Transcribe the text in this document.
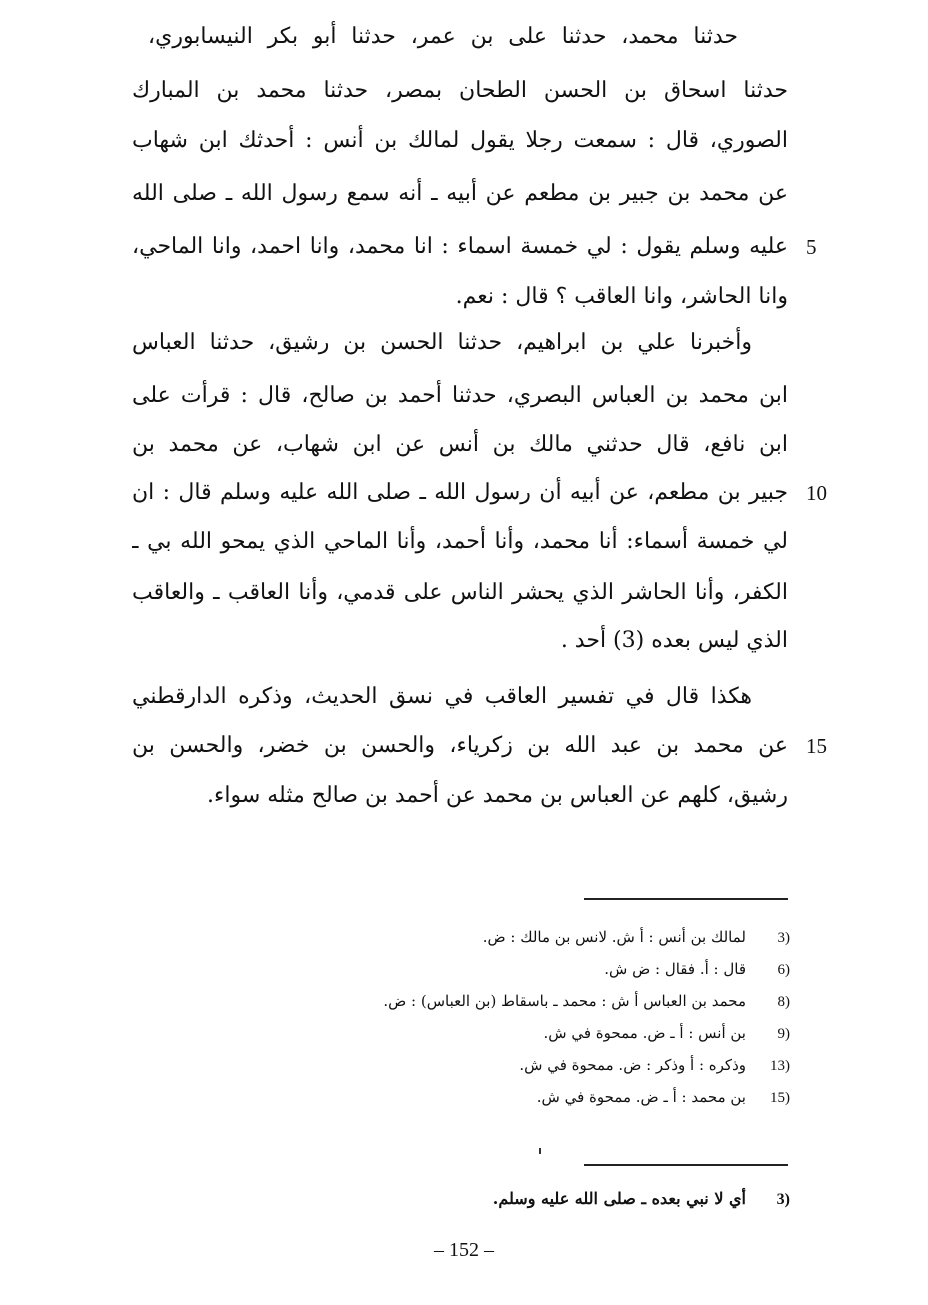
حدثنا محمد، حدثنا على بن عمر، حدثنا أبو بكر النيسابوري،
حدثنا اسحاق بن الحسن الطحان بمصر، حدثنا محمد بن المبارك
الصوري، قال : سمعت رجلا يقول لمالك بن أنس : أحدثك ابن شهاب
عن محمد بن جبير بن مطعم عن أبيه ـ أنه سمع رسول الله ـ صلى الله
عليه وسلم يقول : لي خمسة اسماء : انا محمد، وانا احمد، وانا الماحي، 5
وانا الحاشر، وانا العاقب ؟ قال : نعم.
وأخبرنا علي بن ابراهيم، حدثنا الحسن بن رشيق، حدثنا العباس
ابن محمد بن العباس البصري، حدثنا أحمد بن صالح، قال : قرأت على
ابن نافع، قال حدثني مالك بن أنس عن ابن شهاب، عن محمد بن
جبير بن مطعم، عن أبيه أن رسول الله ـ صلى الله عليه وسلم قال : ان 10
لي خمسة أسماء: أنا محمد، وأنا أحمد، وأنا الماحي الذي يمحو الله بي ـ
الكفر، وأنا الحاشر الذي يحشر الناس على قدمي، وأنا العاقب ـ والعاقب
الذي ليس بعده (3) أحد .
هكذا قال في تفسير العاقب في نسق الحديث، وذكره الدارقطني
عن محمد بن عبد الله بن زكرياء، والحسن بن خضر، والحسن بن 15
رشيق، كلهم عن العباس بن محمد عن أحمد بن صالح مثله سواء.
3)لمالك بن أنس : أ ش. لانس بن مالك : ض.
6)قال : أ. فقال : ض ش.
8)محمد بن العباس أ ش : محمد ـ باسقاط (بن العباس) : ض.
9)بن أنس : أ ـ ض. ممحوة في ش.
13)وذكره : أ وذكر : ض. ممحوة في ش.
15)بن محمد : أ ـ ض. ممحوة في ش.
3)أي لا نبي بعده ـ صلى الله عليه وسلم.
– 152 –
